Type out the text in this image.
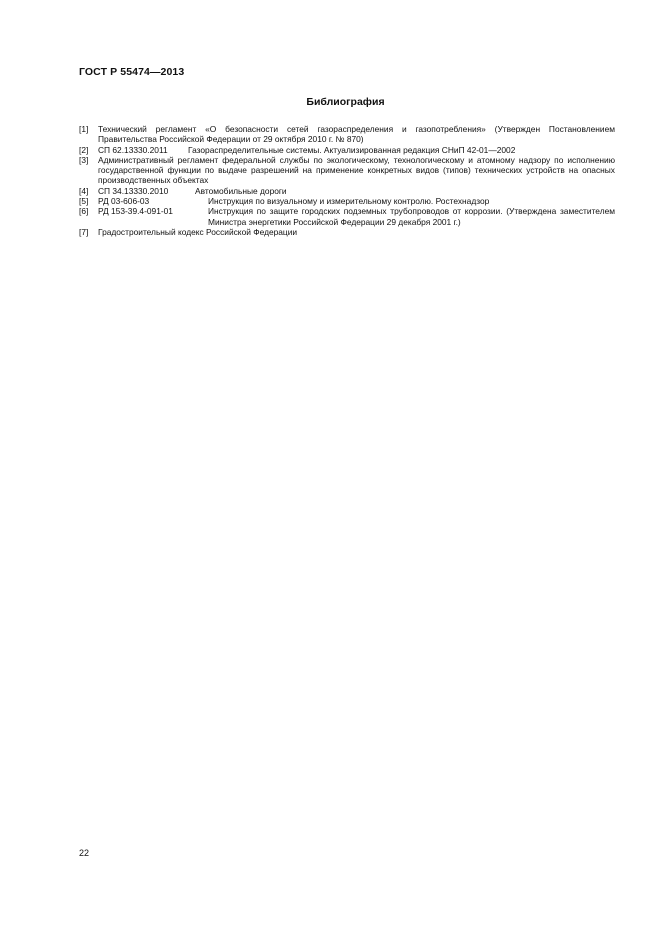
ГОСТ Р 55474—2013
Библиография
[1]	Технический регламент «О безопасности сетей газораспределения и газопотребления» (Утвержден Постановлением Правительства Российской Федерации от 29 октября 2010 г. № 870)
[2]	СП 62.13330.2011	Газораспределительные системы. Актуализированная редакция СНиП 42-01—2002
[3]	Административный регламент федеральной службы по экологическому, технологическому и атомному надзору по исполнению государственной функции по выдаче разрешений на применение конкретных видов (типов) технических устройств на опасных производственных объектах
[4]	СП 34.13330.2010	Автомобильные дороги
[5]	РД 03-606-03	Инструкция по визуальному и измерительному контролю. Ростехнадзор
[6]	РД 153-39.4-091-01	Инструкция по защите городских подземных трубопроводов от коррозии. (Утверждена заместителем Министра энергетики Российской Федерации 29 декабря 2001 г.)
[7]	Градостроительный кодекс Российской Федерации
22
